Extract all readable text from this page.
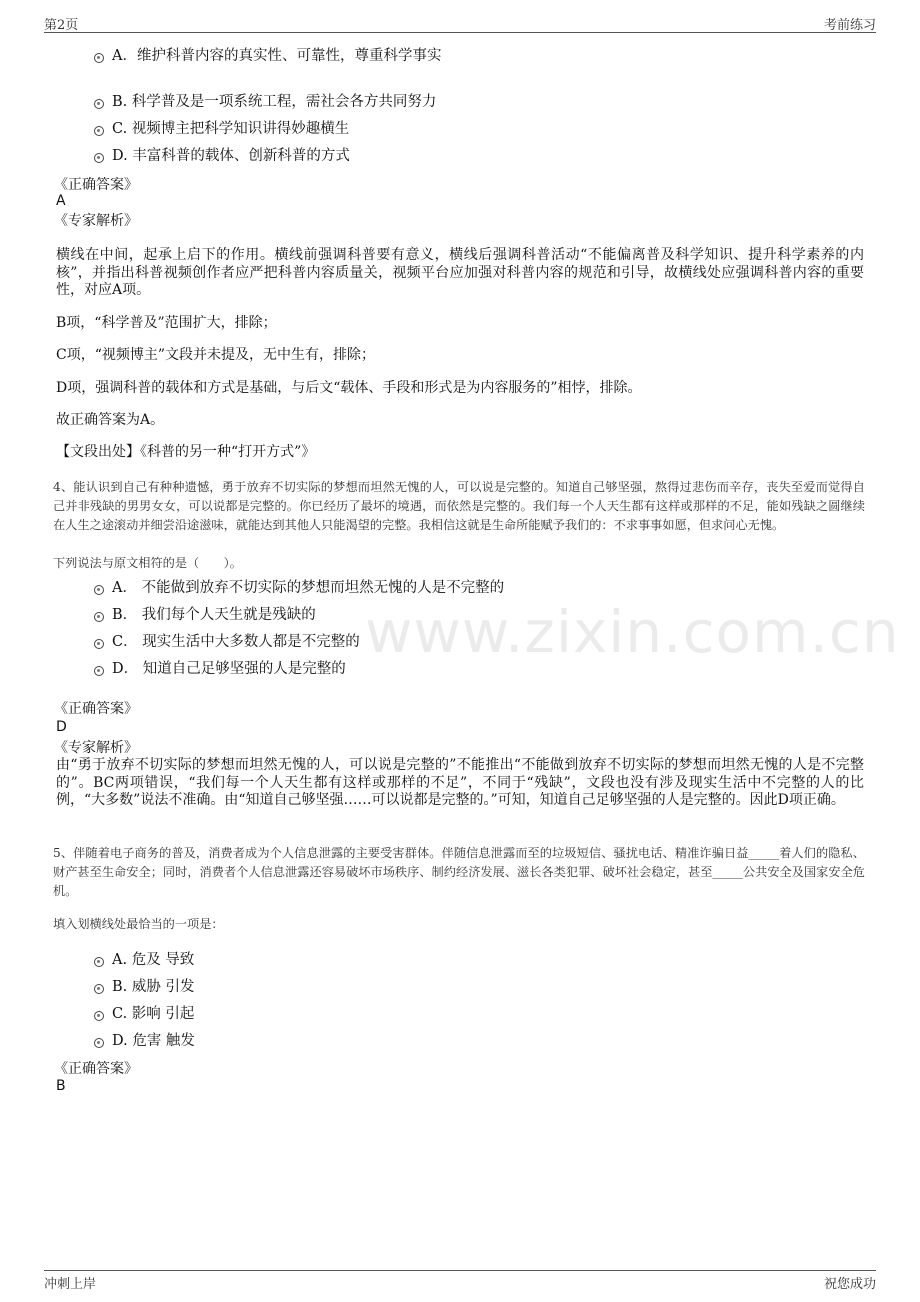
第2页	考前练习
www.zixin.com.cn
A．维护科普内容的真实性、可靠性，尊重科学事实
B. 科学普及是一项系统工程，需社会各方共同努力
C. 视频博主把科学知识讲得妙趣横生
D. 丰富科普的载体、创新科普的方式
《正确答案》
A
《专家解析》
横线在中间，起承上启下的作用。横线前强调科普要有意义，横线后强调科普活动“不能偏离普及科学知识、提升科学素养的内核”，并指出科普视频创作者应严把科普内容质量关，视频平台应加强对科普内容的规范和引导，故横线处应强调科普内容的重要性，对应A项。
B项，“科学普及”范围扩大，排除；
C项，“视频博主”文段并未提及，无中生有，排除；
D项，强调科普的载体和方式是基础，与后文“载体、手段和形式是为内容服务的”相悖，排除。
故正确答案为A。
【文段出处】《科普的另一种“打开方式”》
4、能认识到自己有种种遗憾，勇于放弃不切实际的梦想而坦然无愧的人，可以说是完整的。知道自己够坚强，熬得过悲伤而辛存，丧失至爱而觉得自己并非残缺的男男女女，可以说都是完整的。你已经历了最坏的境遇，而依然是完整的。我们每一个人天生都有这样或那样的不足，能如残缺之圆继续在人生之途滚动并细尝沿途滋味，就能达到其他人只能渴望的完整。我相信这就是生命所能赋予我们的：不求事事如愿，但求问心无愧。
下列说法与原文相符的是（　　）。
A． 不能做到放弃不切实际的梦想而坦然无愧的人是不完整的
B． 我们每个人天生就是残缺的
C． 现实生活中大多数人都是不完整的
D． 知道自己足够坚强的人是完整的
《正确答案》
D
《专家解析》
由“勇于放弃不切实际的梦想而坦然无愧的人，可以说是完整的”不能推出“不能做到放弃不切实际的梦想而坦然无愧的人是不完整的”。BC两项错误，“我们每一个人天生都有这样或那样的不足”，不同于“残缺”，文段也没有涉及现实生活中不完整的人的比例，“大多数”说法不准确。由“知道自己够坚强……可以说都是完整的。”可知，知道自己足够坚强的人是完整的。因此D项正确。
5、伴随着电子商务的普及，消费者成为个人信息泄露的主要受害群体。伴随信息泄露而至的垃圾短信、骚扰电话、精准诈骗日益_____着人们的隐私、财产甚至生命安全；同时，消费者个人信息泄露还容易破坏市场秩序、制约经济发展、滋长各类犯罪、破坏社会稳定，甚至_____公共安全及国家安全危机。
填入划横线处最恰当的一项是：
A. 危及 导致
B. 威胁 引发
C. 影响 引起
D. 危害 触发
《正确答案》
B
冲刺上岸	祝您成功
